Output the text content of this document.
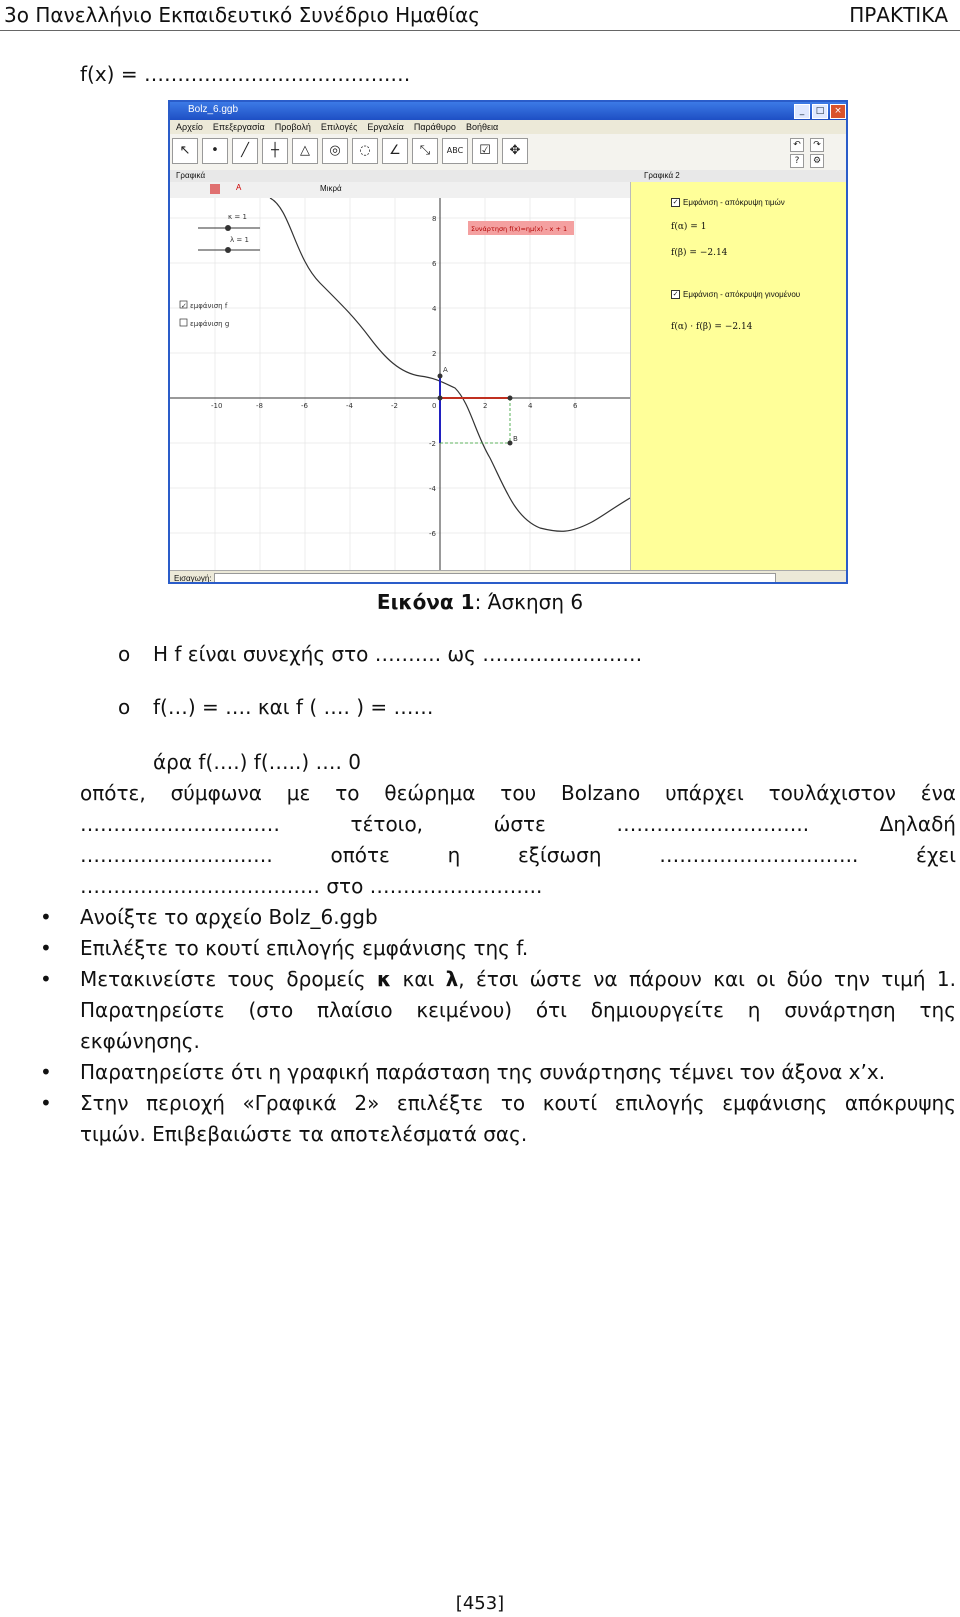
3ο Πανελλήνιο Εκπαιδευτικό Συνέδριο Ημαθίας	ΠΡΑΚΤΙΚΑ
f(x) = ……………………………….…
Bolz_6.ggb	_	□	×
Αρχείο Επεξεργασία Προβολή Επιλογές Εργαλεία Παράθυρο Βοήθεια
↖	•	╱	┼	△	◎	◌	∠	⤡	ABC	☑	✥	↶	↷
?	⚙
Γραφικά	Γραφικά 2
A	Μικρά
-10	-8	-6	-4	-2	0	2	4	6
8
6
4
2
-2
-4
-6
A
B
Συνάρτηση f(x)=ημ(x) - x + 1
κ = 1
λ = 1
✓ εμφάνιση f
εμφάνιση g
✓ Εμφάνιση - απόκρυψη τιμών
f(α) = 1
f(β) = −2.14
✓ Εμφάνιση - απόκρυψη γινομένου
f(α) · f(β) = −2.14
Εισαγωγή:
Εικόνα 1: Άσκηση 6
o Η f είναι συνεχής στο ………. ως ……………………
o f(…) = …. και f ( …. ) = ……
άρα f(….) f(…..) …. 0
οπότε, σύμφωνα με το θεώρημα του Bolzano υπάρχει τουλάχιστον ένα
…………………………	τέτοιο,	ώστε	………………………..	Δηλαδή
…………………….….	οπότε	η	εξίσωση	…………………….…..	έχει
……………………………… στο ……………………..
• Ανοίξτε το αρχείο Bolz_6.ggb
• Επιλέξτε το κουτί επιλογής εμφάνισης της f.
• Μετακινείστε τους δρομείς κ και λ, έτσι ώστε να πάρουν και οι δύο την τιμή 1.
Παρατηρείστε (στο πλαίσιο κειμένου) ότι δημιουργείτε η συνάρτηση της
εκφώνησης.
• Παρατηρείστε ότι η γραφική παράσταση της συνάρτησης τέμνει τον άξονα x’x.
• Στην περιοχή «Γραφικά 2» επιλέξτε το κουτί επιλογής εμφάνισης απόκρυψης
τιμών. Επιβεβαιώστε τα αποτελέσματά σας.
[453]
